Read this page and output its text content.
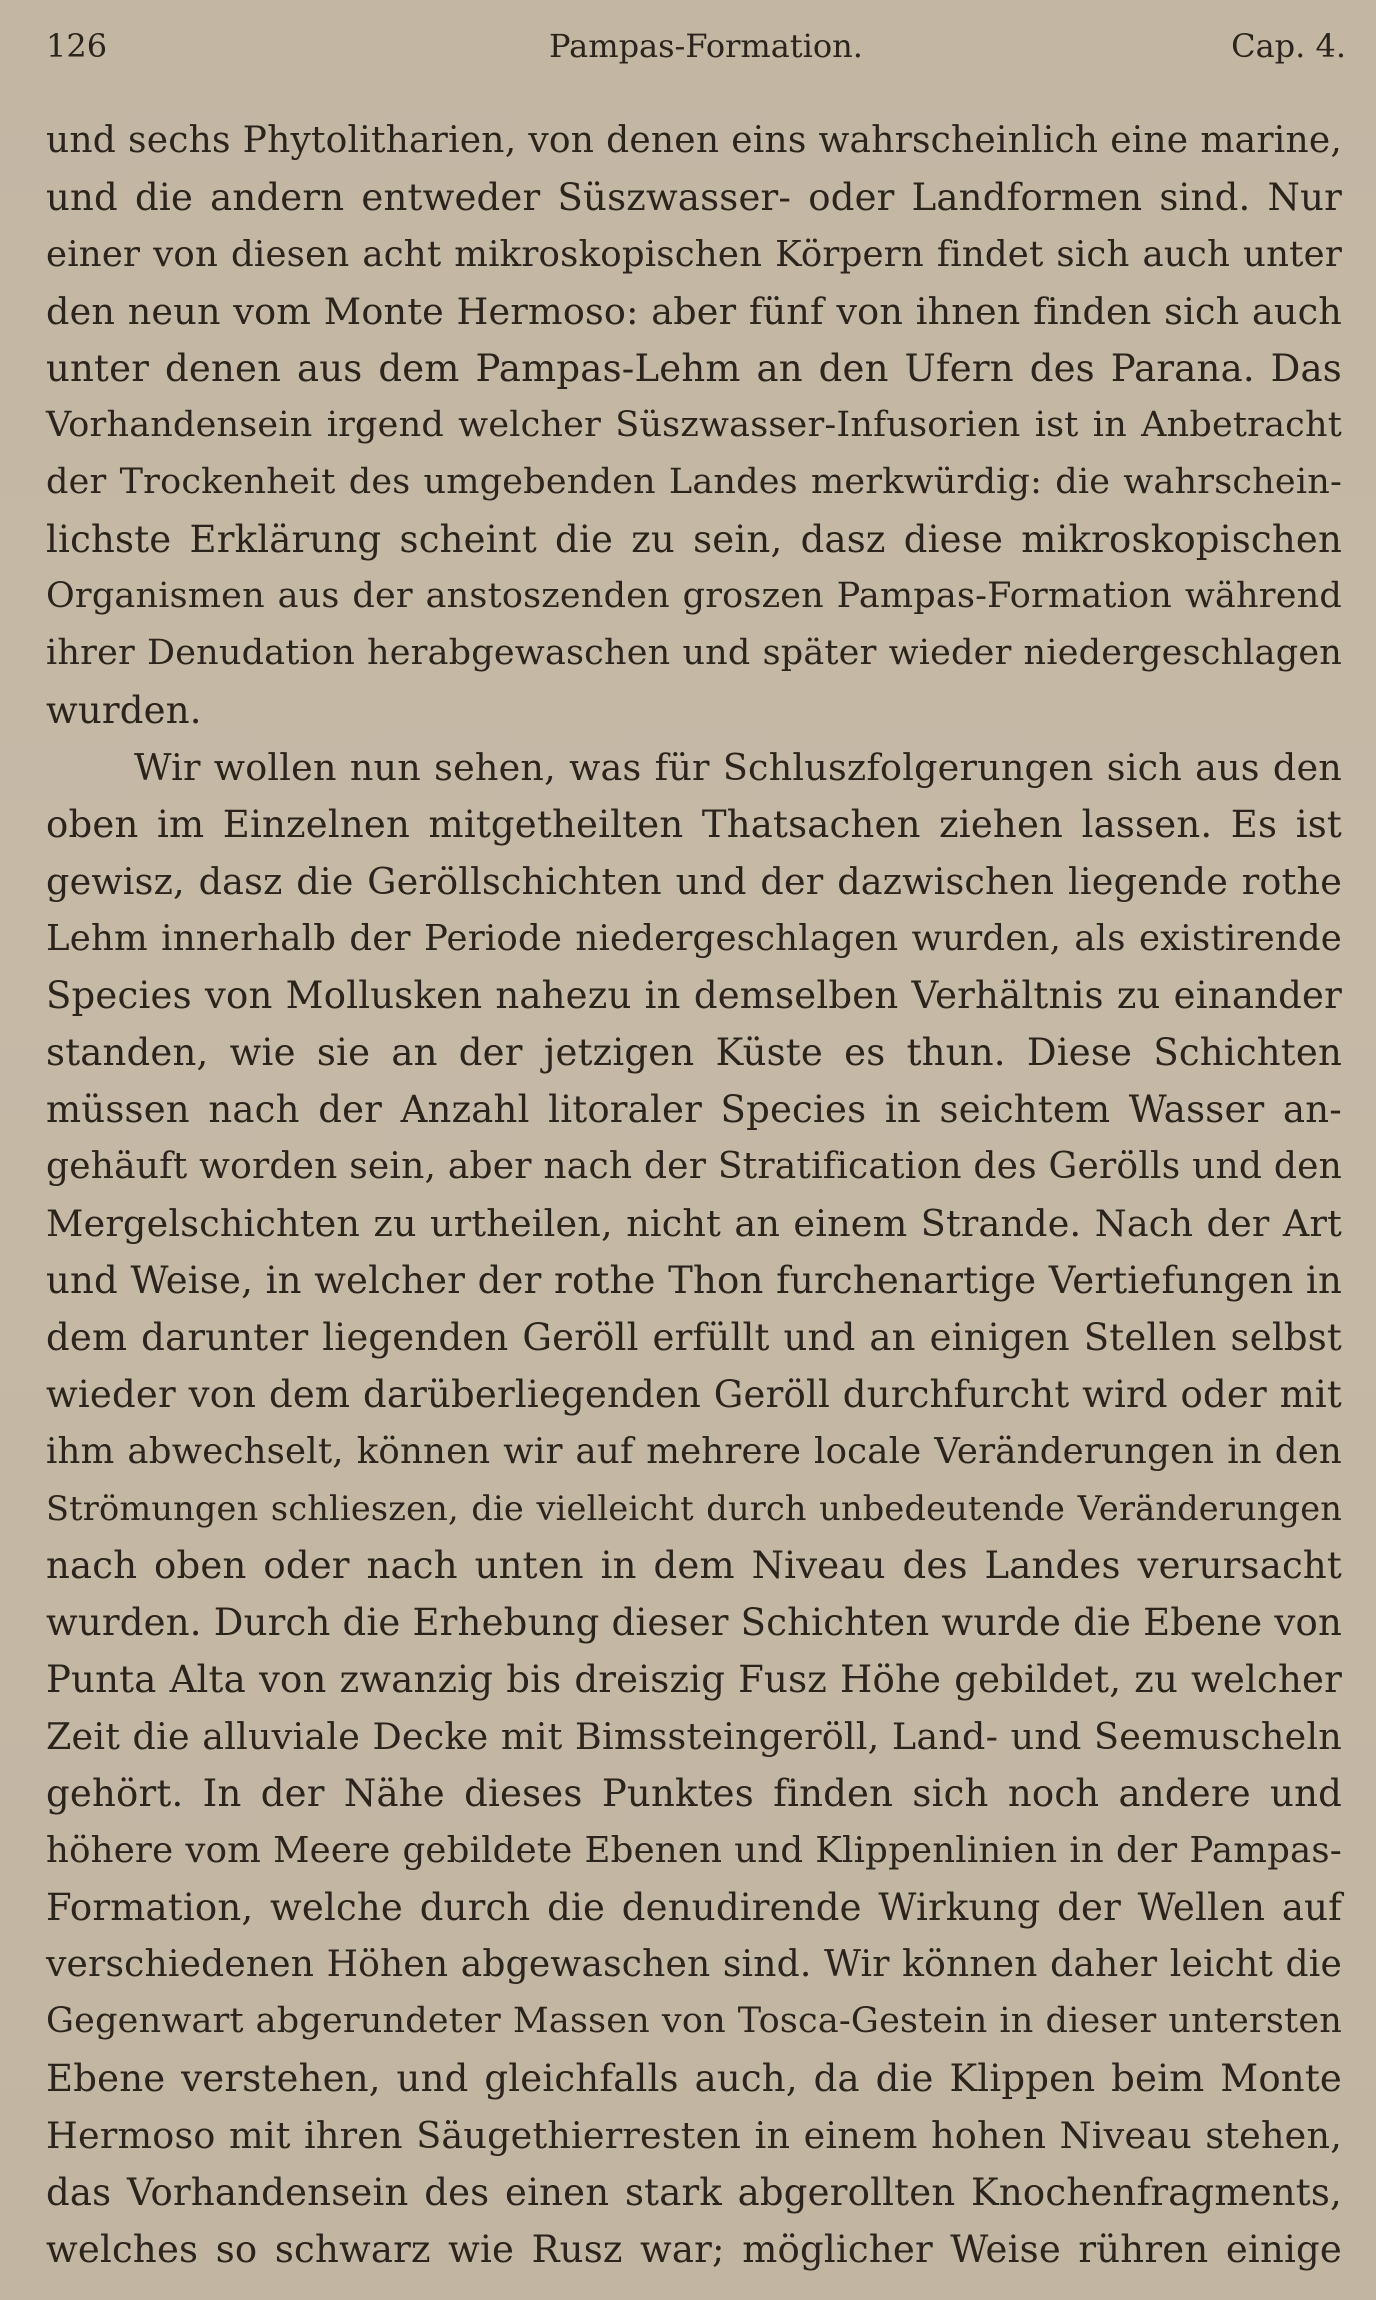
126	Pampas-Formation.	Cap. 4.
und sechs Phytolitharien, von denen eins wahrscheinlich eine marine,
und die andern entweder Süszwasser- oder Landformen sind. Nur
einer von diesen acht mikroskopischen Körpern findet sich auch unter
den neun vom Monte Hermoso: aber fünf von ihnen finden sich auch
unter denen aus dem Pampas-Lehm an den Ufern des Parana. Das
Vorhandensein irgend welcher Süszwasser-Infusorien ist in Anbetracht
der Trockenheit des umgebenden Landes merkwürdig: die wahrschein-
lichste Erklärung scheint die zu sein, dasz diese mikroskopischen
Organismen aus der anstoszenden groszen Pampas-Formation während
ihrer Denudation herabgewaschen und später wieder niedergeschlagen
wurden.
Wir wollen nun sehen, was für Schluszfolgerungen sich aus den
oben im Einzelnen mitgetheilten Thatsachen ziehen lassen. Es ist
gewisz, dasz die Geröllschichten und der dazwischen liegende rothe
Lehm innerhalb der Periode niedergeschlagen wurden, als existirende
Species von Mollusken nahezu in demselben Verhältnis zu einander
standen, wie sie an der jetzigen Küste es thun. Diese Schichten
müssen nach der Anzahl litoraler Species in seichtem Wasser an-
gehäuft worden sein, aber nach der Stratification des Gerölls und den
Mergelschichten zu urtheilen, nicht an einem Strande. Nach der Art
und Weise, in welcher der rothe Thon furchenartige Vertiefungen in
dem darunter liegenden Geröll erfüllt und an einigen Stellen selbst
wieder von dem darüberliegenden Geröll durchfurcht wird oder mit
ihm abwechselt, können wir auf mehrere locale Veränderungen in den
Strömungen schlieszen, die vielleicht durch unbedeutende Veränderungen
nach oben oder nach unten in dem Niveau des Landes verursacht
wurden. Durch die Erhebung dieser Schichten wurde die Ebene von
Punta Alta von zwanzig bis dreiszig Fusz Höhe gebildet, zu welcher
Zeit die alluviale Decke mit Bimssteingeröll, Land- und Seemuscheln
gehört. In der Nähe dieses Punktes finden sich noch andere und
höhere vom Meere gebildete Ebenen und Klippenlinien in der Pampas-
Formation, welche durch die denudirende Wirkung der Wellen auf
verschiedenen Höhen abgewaschen sind. Wir können daher leicht die
Gegenwart abgerundeter Massen von Tosca-Gestein in dieser untersten
Ebene verstehen, und gleichfalls auch, da die Klippen beim Monte
Hermoso mit ihren Säugethierresten in einem hohen Niveau stehen,
das Vorhandensein des einen stark abgerollten Knochenfragments,
welches so schwarz wie Rusz war; möglicher Weise rühren einige
